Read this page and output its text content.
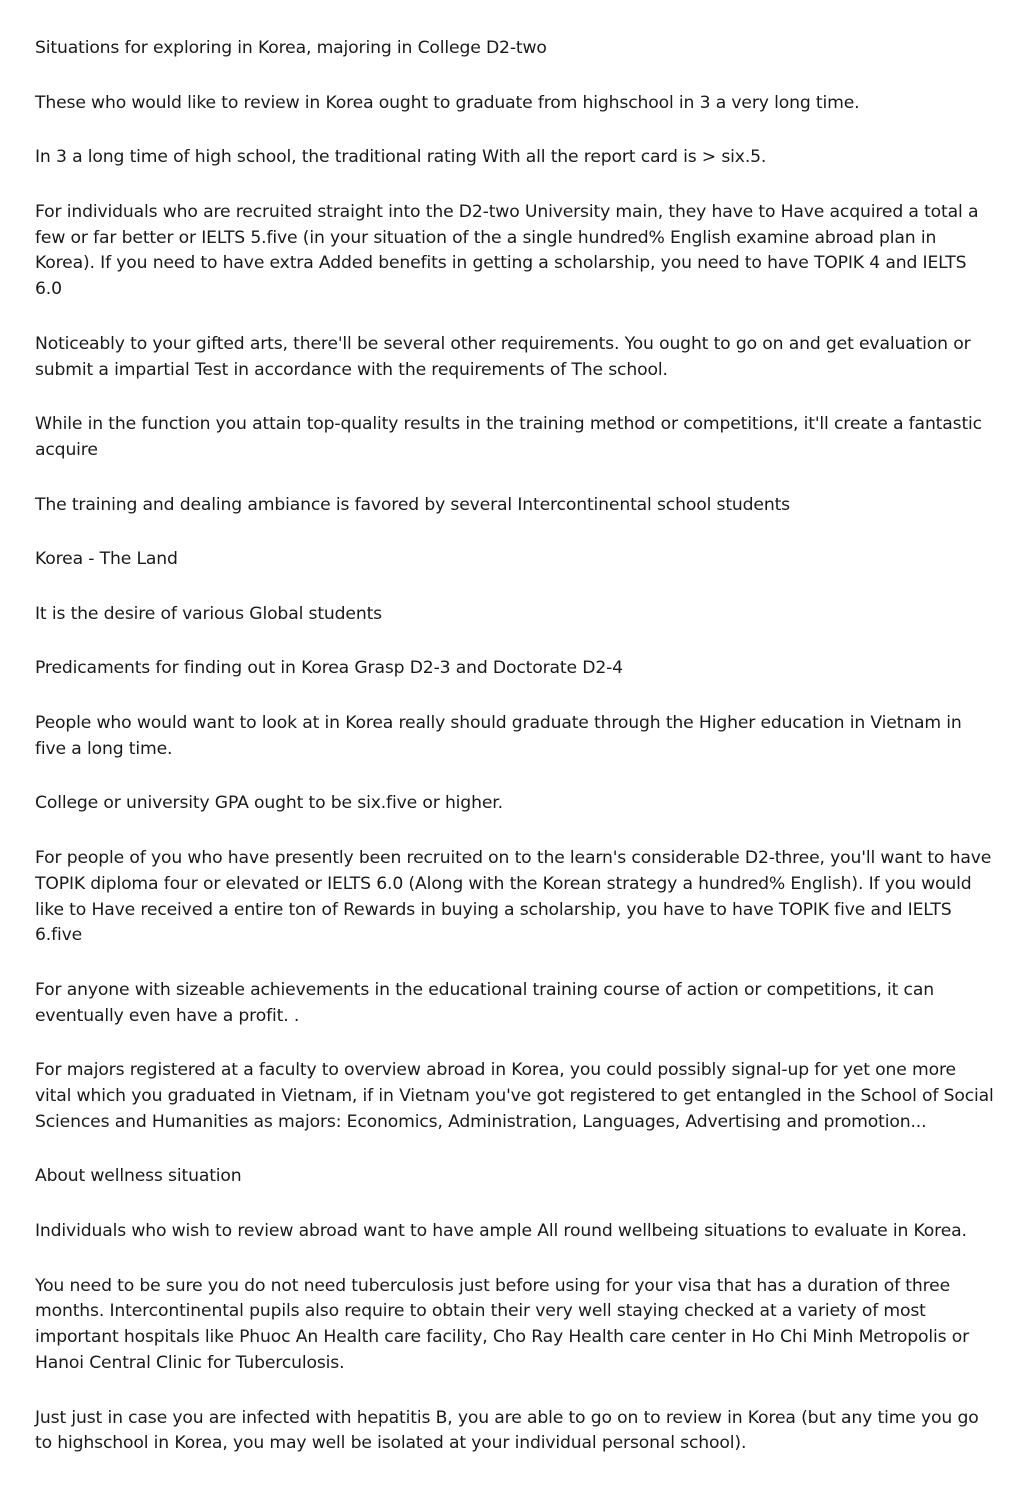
Situations for exploring in Korea, majoring in College D2-two

These who would like to review in Korea ought to graduate from highschool in 3 a very long time.

In 3 a long time of high school, the traditional rating With all the report card is > six.5.

For individuals who are recruited straight into the D2-two University main, they have to Have acquired a total a few or far better or IELTS 5.five (in your situation of the a single hundred% English examine abroad plan in Korea). If you need to have extra Added benefits in getting a scholarship, you need to have TOPIK 4 and IELTS 6.0

Noticeably to your gifted arts, there'll be several other requirements. You ought to go on and get evaluation or submit a impartial Test in accordance with the requirements of The school.

While in the function you attain top-quality results in the training method or competitions, it'll create a fantastic acquire

The training and dealing ambiance is favored by several Intercontinental school students

Korea - The Land

It is the desire of various Global students

Predicaments for finding out in Korea Grasp D2-3 and Doctorate D2-4

People who would want to look at in Korea really should graduate through the Higher education in Vietnam in five a long time.

College or university GPA ought to be six.five or higher.

For people of you who have presently been recruited on to the learn's considerable D2-three, you'll want to have TOPIK diploma four or elevated or IELTS 6.0 (Along with the Korean strategy a hundred% English). If you would like to Have received a entire ton of Rewards in buying a scholarship, you have to have TOPIK five and IELTS 6.five

For anyone with sizeable achievements in the educational training course of action or competitions, it can eventually even have a profit. .

For majors registered at a faculty to overview abroad in Korea, you could possibly signal-up for yet one more vital which you graduated in Vietnam, if in Vietnam you've got registered to get entangled in the School of Social Sciences and Humanities as majors: Economics, Administration, Languages, Advertising and promotion...

About wellness situation

Individuals who wish to review abroad want to have ample All round wellbeing situations to evaluate in Korea.

You need to be sure you do not need tuberculosis just before using for your visa that has a duration of three months. Intercontinental pupils also require to obtain their very well staying checked at a variety of most important hospitals like Phuoc An Health care facility, Cho Ray Health care center in Ho Chi Minh Metropolis or Hanoi Central Clinic for Tuberculosis.

Just just in case you are infected with hepatitis B, you are able to go on to review in Korea (but any time you go to highschool in Korea, you may well be isolated at your individual personal school).
